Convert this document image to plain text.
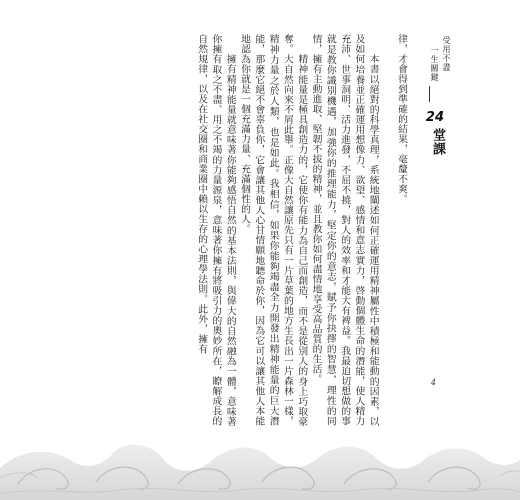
律，才會得到準確的結果，毫釐不爽。

本書以絕對的科學真理，系統地闡述如何正確運用精神屬性中積極和能動的因素，以及如何培養並正確運用想像力、欲望、感情和意志實力，啓動個體生命的潛能，使人精力充沛、世事洞明、活力進發，不屈不撓，對人的效率和才能大有裨益。我最迫切想做的事就是教你識別機遇，加強你的推理能力，堅定你的意志，賦予你抉擇的智慧，理性的同情，擁有主動進取、堅韌不拔的精神，並且教你如何盡情地享受高品質的生活。

精神能量是極具創造力的，它使你有能力為自己而創造，而不是從別人的身上巧取豪奪。大自然向來不屑此舉。正像大自然讓原先只有一片草葉的地方生長出一片森林一樣，精神力量之於人類，也是如此。我相信，如果你能夠竭盡全力開發出精神能量的巨大潛能，那麼它絕不會辜負你，它會讓其他人心甘情願地聽命於你，因為它可以讓其他人本能地認為你就是一個充滿力量、充滿個性的人。

擁有精神能量就意味著你能夠感悟自然的基本法則，與偉大的自然融為一體，意味著你擁有取之不盡、用之不竭的力量源泉，意味著你擁有將吸引力的奧妙所在，瞭解成長的自然規律，以及在社交圈和商業圈中賴以生存的心理學法則。此外，擁有	受用不盡
一生關鍵
24
堂課
4
